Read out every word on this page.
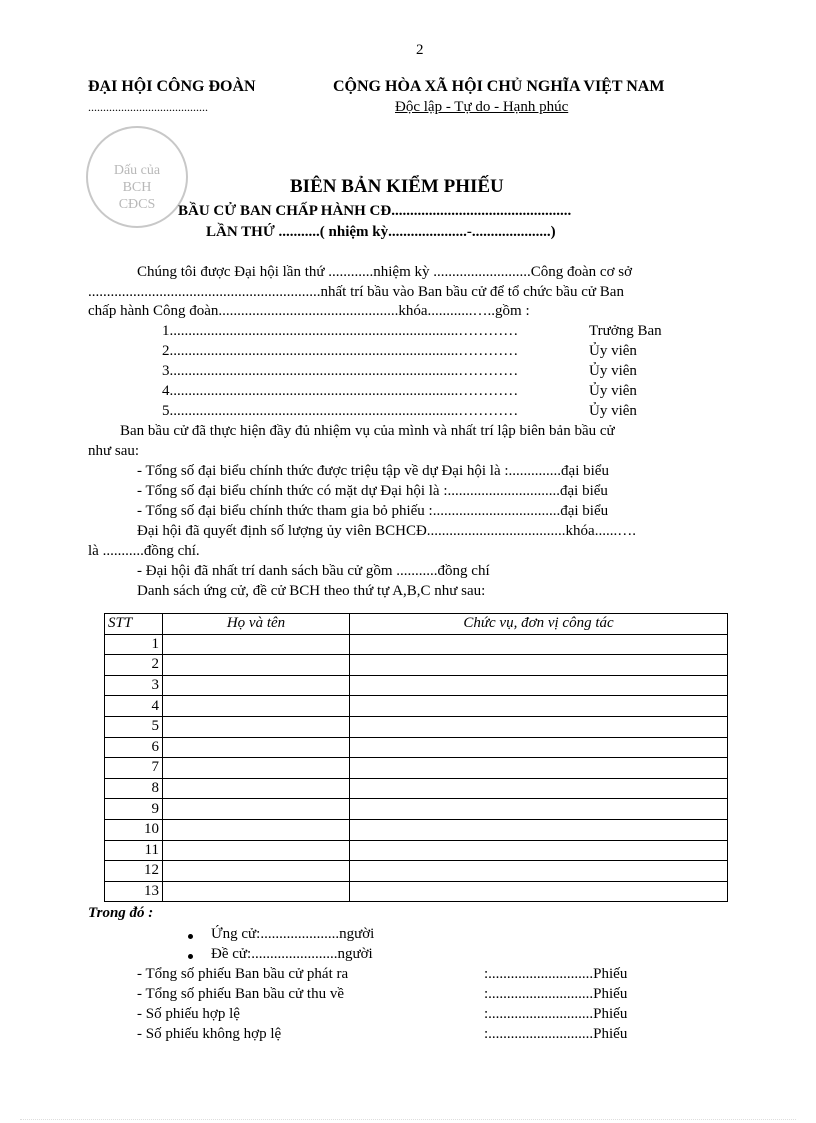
2
ĐẠI HỘI CÔNG ĐOÀN
........................................
CỘNG HÒA XÃ HỘI CHỦ NGHĨA VIỆT NAM
Độc lập - Tự do - Hạnh phúc
Dấu của
BCH
CĐCS
BIÊN BẢN KIỂM PHIẾU
BẦU CỬ BAN CHẤP HÀNH CĐ................................................
LẦN THỨ ...........( nhiệm kỳ.....................-.....................)
Chúng tôi được Đại hội lần thứ ............nhiệm kỳ ..........................Công đoàn cơ sở
..............................................................nhất trí bầu vào Ban bầu cử để tổ chức bầu cử Ban
chấp hành Công đoàn................................................khóa............…..gồm :
1.............................................................................…………	Trưởng Ban
2.............................................................................…………	Ủy viên
3.............................................................................…………	Ủy viên
4.............................................................................…………	Ủy viên
5.............................................................................…………	Ủy viên
Ban bầu cử đã thực hiện đầy đủ nhiệm vụ của mình và nhất trí lập biên bản bầu cử
như sau:
- Tổng số đại biểu chính thức được triệu tập về dự Đại hội là :..............đại biểu
- Tổng số đại biểu chính thức có mặt dự Đại hội là :..............................đại biểu
- Tổng số đại biểu chính thức tham gia bỏ phiếu :..................................đại biểu
Đại hội đã quyết định số lượng ủy viên BCHCĐ.....................................khóa......….
là ...........đồng chí.
- Đại hội đã nhất trí danh sách bầu cử gồm ...........đồng chí
Danh sách ứng cử, đề cử BCH theo thứ tự A,B,C như sau:
STT	Họ và tên	Chức vụ, đơn vị công tác
1		
2		
3		
4		
5		
6		
7		
8		
9		
10		
11		
12		
13		
Trong đó :
Ứng cử:.....................người
Đề cử:.......................người
- Tổng số phiếu Ban bầu cử phát ra	:............................Phiếu
- Tổng số phiếu Ban bầu cử thu về	:............................Phiếu
- Số phiếu hợp lệ	:............................Phiếu
- Số phiếu không hợp lệ	:............................Phiếu
